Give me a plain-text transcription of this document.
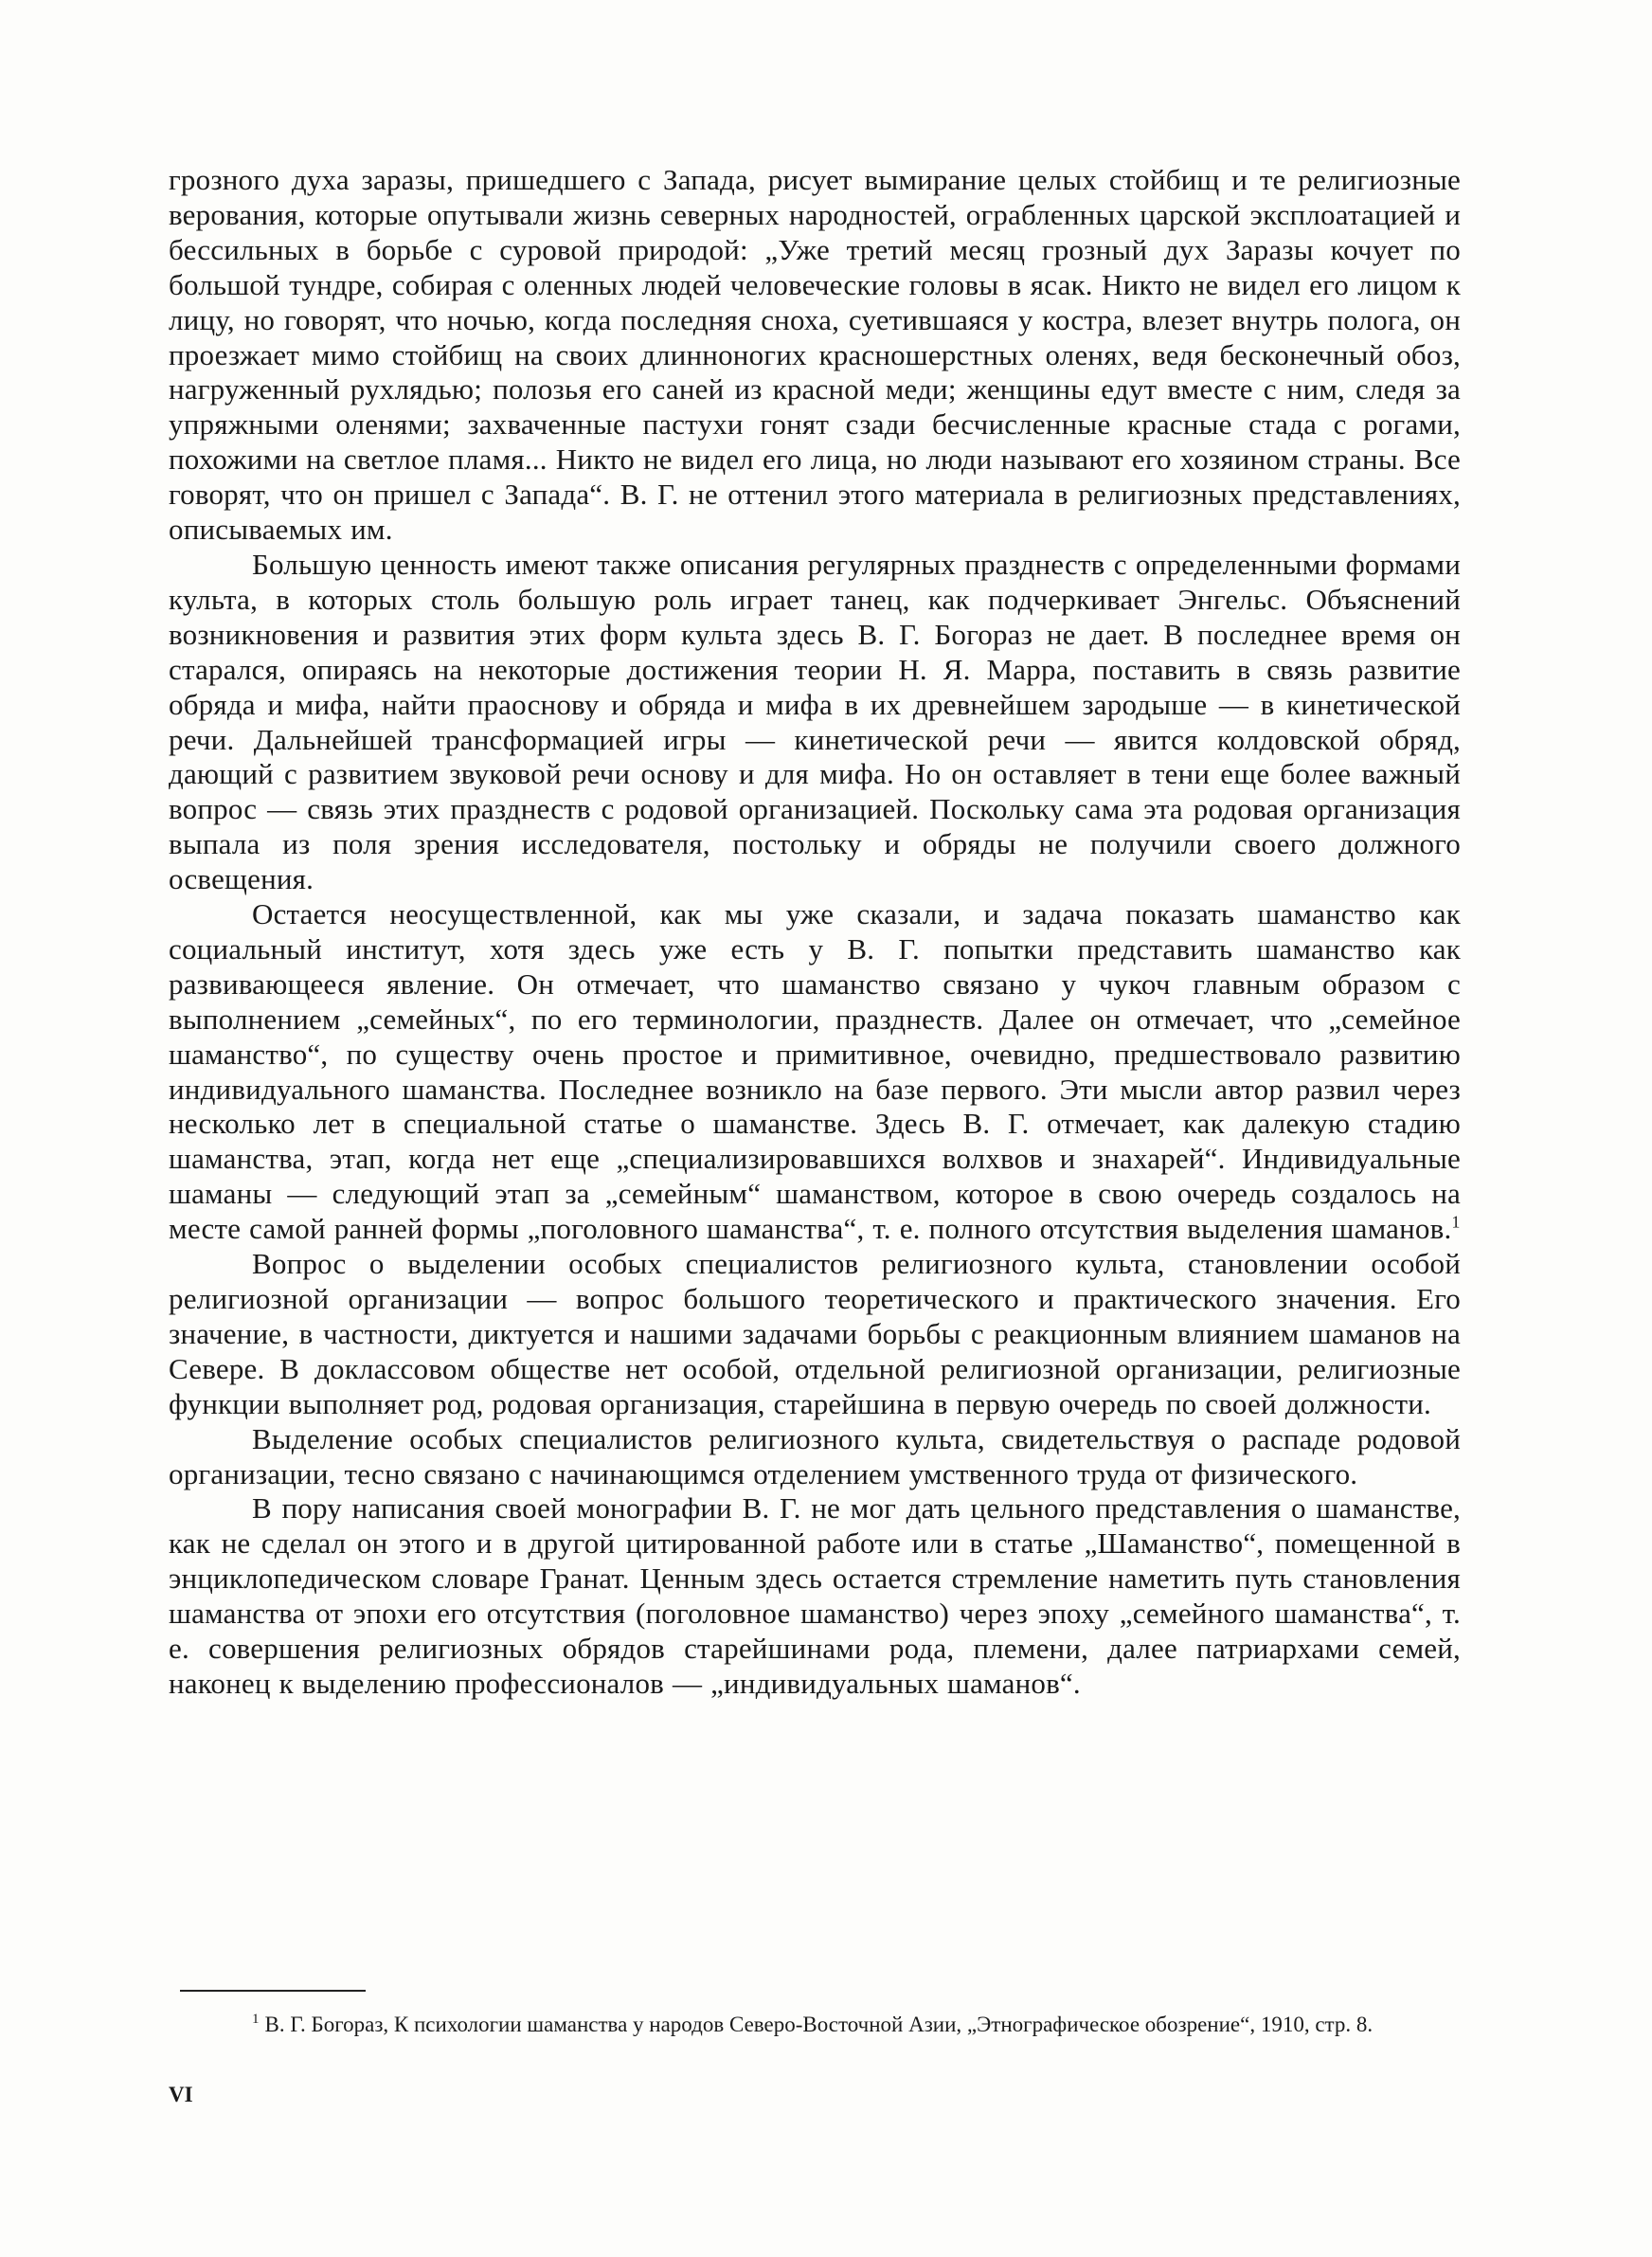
грозного духа заразы, пришедшего с Запада, рисует вымирание целых стойбищ и те религиозные верования, которые опутывали жизнь северных народностей, ограбленных царской эксплоатацией и бессильных в борьбе с суровой природой: „Уже третий месяц грозный дух Заразы кочует по большой тундре, собирая с оленных людей человеческие головы в ясак. Никто не видел его лицом к лицу, но говорят, что ночью, когда последняя сноха, суетившаяся у костра, влезет внутрь полога, он проезжает мимо стойбищ на своих длинноногих красношерстных оленях, ведя бесконечный обоз, нагруженный рухлядью; полозья его саней из красной меди; женщины едут вместе с ним, следя за упряжными оленями; захваченные пастухи гонят сзади бесчисленные красные стада с рогами, похожими на светлое пламя... Никто не видел его лица, но люди называют его хозяином страны. Все говорят, что он пришел с Запада“. В. Г. не оттенил этого материала в религиозных представлениях, описываемых им.

Большую ценность имеют также описания регулярных празднеств с определенными формами культа, в которых столь большую роль играет танец, как подчеркивает Энгельс. Объяснений возникновения и развития этих форм культа здесь В. Г. Богораз не дает. В последнее время он старался, опираясь на некоторые достижения теории Н. Я. Марра, поставить в связь развитие обряда и мифа, найти праоснову и обряда и мифа в их древнейшем зародыше — в кинетической речи. Дальнейшей трансформацией игры — кинетической речи — явится колдовской обряд, дающий с развитием звуковой речи основу и для мифа. Но он оставляет в тени еще более важный вопрос — связь этих празднеств с родовой организацией. Поскольку сама эта родовая организация выпала из поля зрения исследователя, постольку и обряды не получили своего должного освещения.

Остается неосуществленной, как мы уже сказали, и задача показать шаманство как социальный институт, хотя здесь уже есть у В. Г. попытки представить шаманство как развивающееся явление. Он отмечает, что шаманство связано у чукоч главным образом с выполнением „семейных“, по его терминологии, празднеств. Далее он отмечает, что „семейное шаманство“, по существу очень простое и примитивное, очевидно, предшествовало развитию индивидуального шаманства. Последнее возникло на базе первого. Эти мысли автор развил через несколько лет в специальной статье о шаманстве. Здесь В. Г. отмечает, как далекую стадию шаманства, этап, когда нет еще „специализировавшихся волхвов и знахарей“. Индивидуальные шаманы — следующий этап за „семейным“ шаманством, которое в свою очередь создалось на месте самой ранней формы „поголовного шаманства“, т. е. полного отсутствия выделения шаманов.$^1$

Вопрос о выделении особых специалистов религиозного культа, становлении особой религиозной организации — вопрос большого теоретического и практического значения. Его значение, в частности, диктуется и нашими задачами борьбы с реакционным влиянием шаманов на Севере. В доклассовом обществе нет особой, отдельной религиозной организации, религиозные функции выполняет род, родовая организация, старейшина в первую очередь по своей должности.

Выделение особых специалистов религиозного культа, свидетельствуя о распаде родовой организации, тесно связано с начинающимся отделением умственного труда от физического.

В пору написания своей монографии В. Г. не мог дать цельного представления о шаманстве, как не сделал он этого и в другой цитированной работе или в статье „Шаманство“, помещенной в энциклопедическом словаре Гранат. Ценным здесь остается стремление наметить путь становления шаманства от эпохи его отсутствия (поголовное шаманство) через эпоху „семейного шаманства“, т. е. совершения религиозных обрядов старейшинами рода, племени, далее патриархами семей, наконец к выделению профессионалов — „индивидуальных шаманов“.

$^1$ В. Г. Богораз, К психологии шаманства у народов Северо-Восточной Азии, „Этнографическое обозрение“, 1910, стр. 8.

VI
